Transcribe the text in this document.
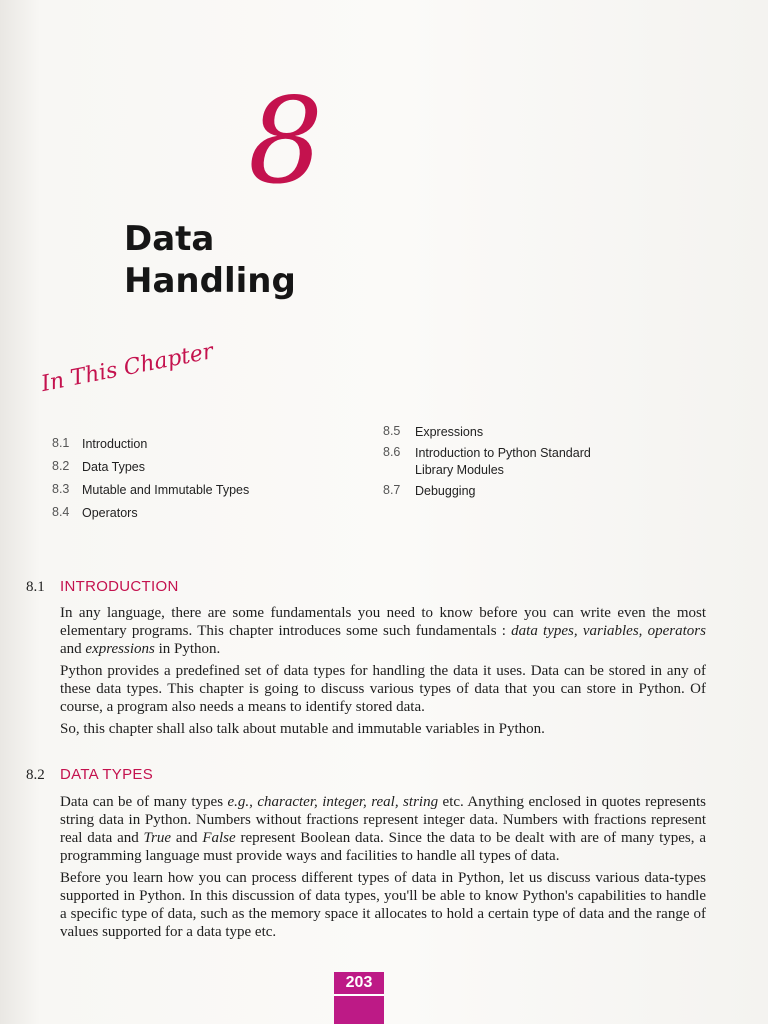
8
Data
Handling
In This Chapter
8.1	Introduction
8.2	Data Types
8.3	Mutable and Immutable Types
8.4	Operators
8.5	Expressions
8.6	Introduction to Python Standard Library Modules
8.7	Debugging
8.1 INTRODUCTION

In any language, there are some fundamentals you need to know before you can write even the most elementary programs. This chapter introduces some such fundamentals : data types, variables, operators and expressions in Python.

Python provides a predefined set of data types for handling the data it uses. Data can be stored in any of these data types. This chapter is going to discuss various types of data that you can store in Python. Of course, a program also needs a means to identify stored data.

So, this chapter shall also talk about mutable and immutable variables in Python.

8.2 DATA TYPES

Data can be of many types e.g., character, integer, real, string etc. Anything enclosed in quotes represents string data in Python. Numbers without fractions represent integer data. Numbers with fractions represent real data and True and False represent Boolean data. Since the data to be dealt with are of many types, a programming language must provide ways and facilities to handle all types of data.

Before you learn how you can process different types of data in Python, let us discuss various data-types supported in Python. In this discussion of data types, you'll be able to know Python's capabilities to handle a specific type of data, such as the memory space it allocates to hold a certain type of data and the range of values supported for a data type etc.

203
